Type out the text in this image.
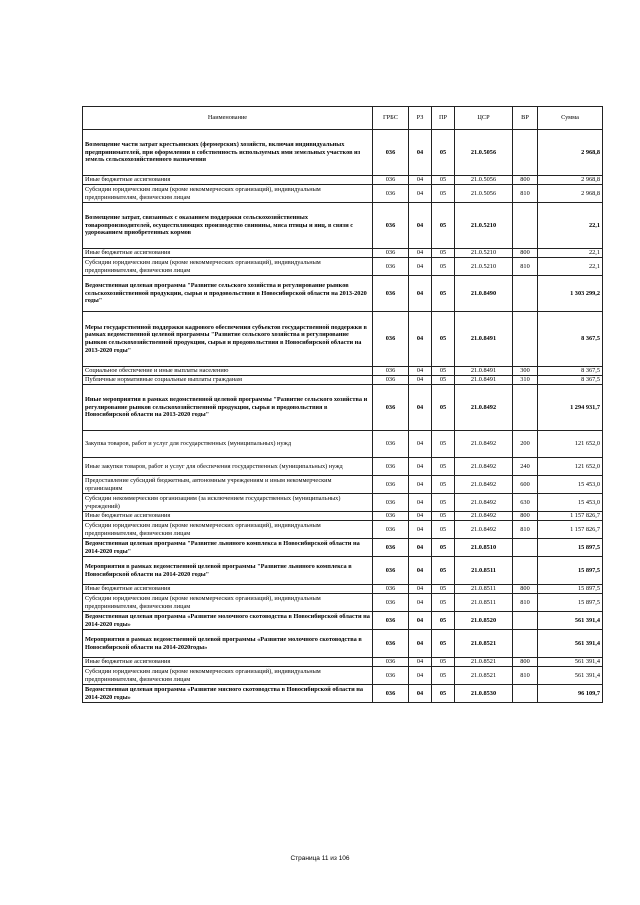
Наименование	ГРБС	РЗ	ПР	ЦСР	ВР	Сумма
Возмещение части затрат крестьянских (фермерских) хозяйств, включая индивидуальных предпринимателей, при оформлении в собственность используемых ими земельных участков из земель сельскохозяйственного назначения	036	04	05	21.0.5056		2 968,8
Иные бюджетные ассигнования	036	04	05	21.0.5056	800	2 968,8
Субсидии юридическим лицам (кроме некоммерческих организаций), индивидуальным предпринимателям, физическим лицам	036	04	05	21.0.5056	810	2 968,8
Возмещение затрат, связанных с оказанием поддержки сельскохозяйственных товаропроизводителей, осуществляющих производство свинины, мяса птицы и яиц, в связи с удорожанием приобретенных кормов	036	04	05	21.0.5210		22,1
Иные бюджетные ассигнования	036	04	05	21.0.5210	800	22,1
Субсидии юридическим лицам (кроме некоммерческих организаций), индивидуальным предпринимателям, физическим лицам	036	04	05	21.0.5210	810	22,1
Ведомственная целевая программа "Развитие сельского хозяйства и регулирование рынков сельскохозяйственной продукции, сырья и продовольствия в Новосибирской области на 2013-2020 годы"	036	04	05	21.0.8490		1 303 299,2
Меры государственной поддержки кадрового обеспечения субъектов государственной поддержки в рамках ведомственной целевой программы "Развитие сельского хозяйства и регулирование рынков сельскохозяйственной продукции, сырья и продовольствия в Новосибирской области на 2013-2020 годы"	036	04	05	21.0.8491		8 367,5
Социальное обеспечение и иные выплаты населению	036	04	05	21.0.8491	300	8 367,5
Публичные нормативные социальные выплаты гражданам	036	04	05	21.0.8491	310	8 367,5
Иные мероприятия в рамках ведомственной целевой программы "Развитие сельского хозяйства и регулирование рынков сельскохозяйственной продукции, сырья и продовольствия в Новосибирской области на 2013-2020 годы"	036	04	05	21.0.8492		1 294 931,7
Закупка товаров, работ и услуг для государственных (муниципальных) нужд	036	04	05	21.0.8492	200	121 652,0
Иные закупки товаров, работ и услуг для обеспечения государственных (муниципальных) нужд	036	04	05	21.0.8492	240	121 652,0
Предоставление субсидий бюджетным, автономным учреждениям и иным некоммерческим организациям	036	04	05	21.0.8492	600	15 453,0
Субсидии некоммерческим организациям (за исключением государственных (муниципальных) учреждений)	036	04	05	21.0.8492	630	15 453,0
Иные бюджетные ассигнования	036	04	05	21.0.8492	800	1 157 826,7
Субсидии юридическим лицам (кроме некоммерческих организаций), индивидуальным предпринимателям, физическим лицам	036	04	05	21.0.8492	810	1 157 826,7
Ведомственная целевая программа "Развитие льняного комплекса в Новосибирской области на 2014-2020 годы"	036	04	05	21.0.8510		15 897,5
Мероприятия в рамках ведомственной целевой программы "Развитие льняного комплекса в Новосибирской области на 2014-2020 годы"	036	04	05	21.0.8511		15 897,5
Иные бюджетные ассигнования	036	04	05	21.0.8511	800	15 897,5
Субсидии юридическим лицам (кроме некоммерческих организаций), индивидуальным предпринимателям, физическим лицам	036	04	05	21.0.8511	810	15 897,5
Ведомственная целевая программа «Развитие молочного скотоводства в Новосибирской области на 2014-2020 годы»	036	04	05	21.0.8520		561 391,4
Мероприятия в рамках ведомственной целевой программы «Развитие молочного скотоводства в Новосибирской области на 2014-2020годы»	036	04	05	21.0.8521		561 391,4
Иные бюджетные ассигнования	036	04	05	21.0.8521	800	561 391,4
Субсидии юридическим лицам (кроме некоммерческих организаций), индивидуальным предпринимателям, физическим лицам	036	04	05	21.0.8521	810	561 391,4
Ведомственная целевая программа «Развитие мясного скотоводства в Новосибирской области на 2014-2020 годы»	036	04	05	21.0.8530		96 109,7
Страница 11 из 106
